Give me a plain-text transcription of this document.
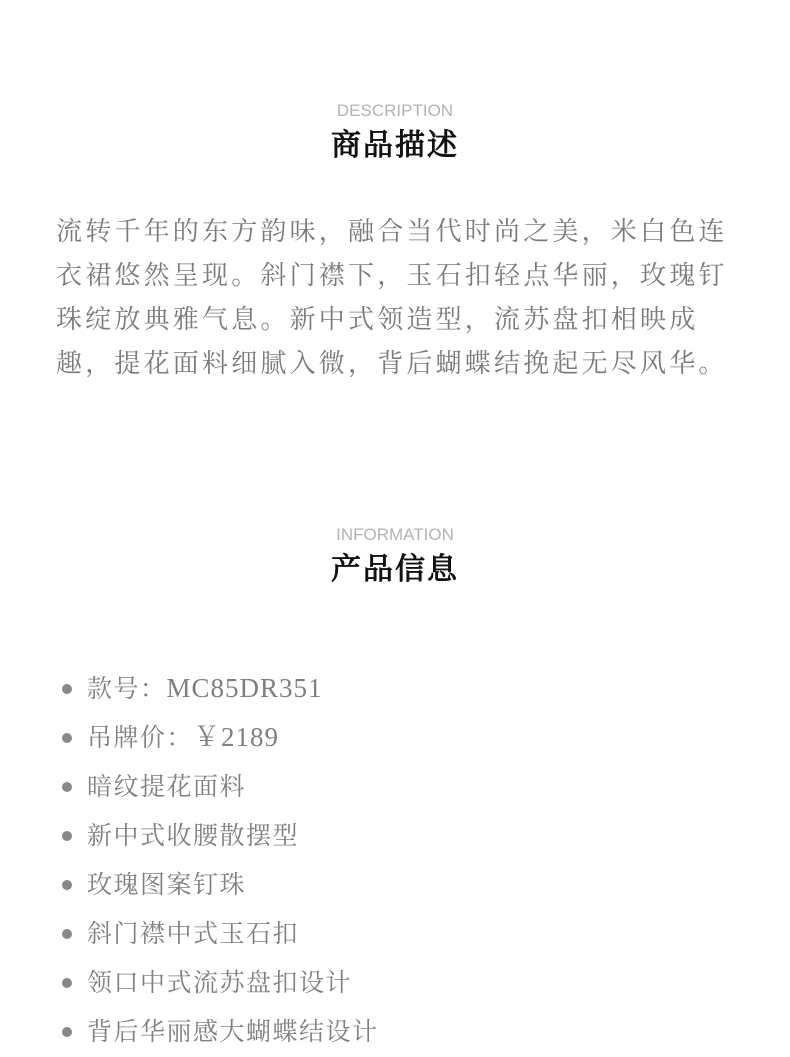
DESCRIPTION
商品描述

流转千年的东方韵味，融合当代时尚之美，米白色连衣裙悠然呈现。斜门襟下，玉石扣轻点华丽，玫瑰钉珠绽放典雅气息。新中式领造型，流苏盘扣相映成趣，提花面料细腻入微，背后蝴蝶结挽起无尽风华。

INFORMATION
产品信息
款号：MC85DR351
吊牌价：￥2189
暗纹提花面料
新中式收腰散摆型
玫瑰图案钉珠
斜门襟中式玉石扣
领口中式流苏盘扣设计
背后华丽感大蝴蝶结设计
